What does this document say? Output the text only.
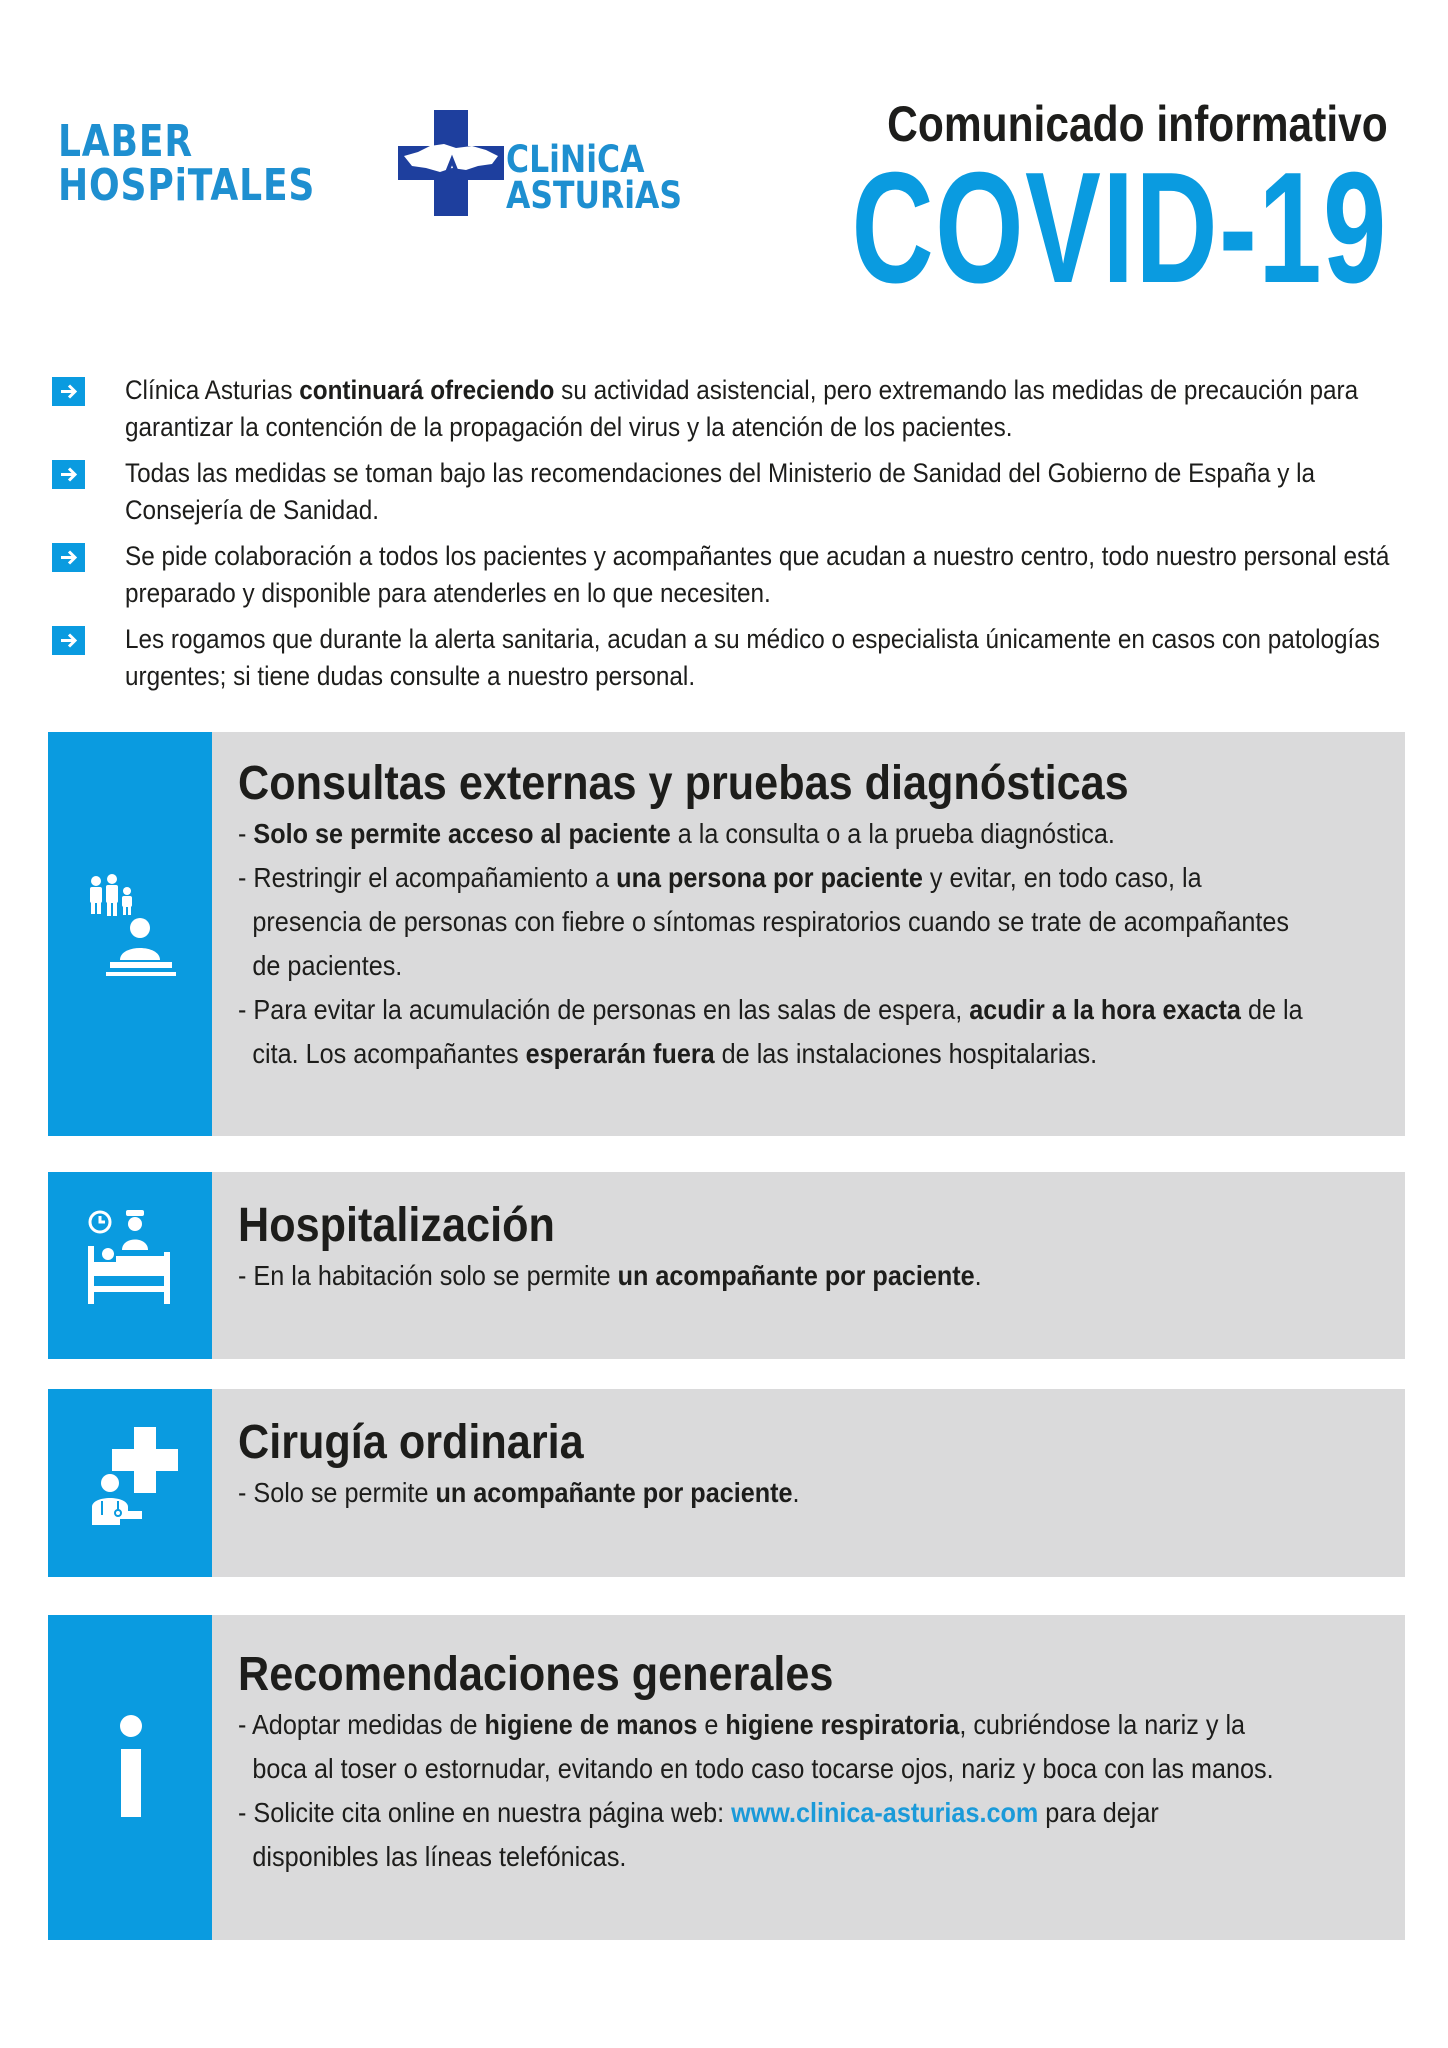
LABER
HOSPiTALES
CLiNiCA
ASTURiAS
Comunicado informativo
COVID-19
Clínica Asturias continuará ofreciendo su actividad asistencial, pero extremando las medidas de precaución para garantizar la contención de la propagación del virus y la atención de los pacientes.
Todas las medidas se toman bajo las recomendaciones del Ministerio de Sanidad del Gobierno de España y la Consejería de Sanidad.
Se pide colaboración a todos los pacientes y acompañantes que acudan a nuestro centro, todo nuestro personal está preparado y disponible para atenderles en lo que necesiten.
Les rogamos que durante la alerta sanitaria, acudan a su médico o especialista únicamente en casos con patologías urgentes; si tiene dudas consulte a nuestro personal.
Consultas externas y pruebas diagnósticas
- Solo se permite acceso al paciente a la consulta o a la prueba diagnóstica.
- Restringir el acompañamiento a una persona por paciente y evitar, en todo caso, la
presencia de personas con fiebre o síntomas respiratorios cuando se trate de acompañantes
de pacientes.
- Para evitar la acumulación de personas en las salas de espera, acudir a la hora exacta de la
cita. Los acompañantes esperarán fuera de las instalaciones hospitalarias.
Hospitalización
- En la habitación solo se permite un acompañante por paciente.
Cirugía ordinaria
- Solo se permite un acompañante por paciente.
Recomendaciones generales
- Adoptar medidas de higiene de manos e higiene respiratoria, cubriéndose la nariz y la
boca al toser o estornudar, evitando en todo caso tocarse ojos, nariz y boca con las manos.
- Solicite cita online en nuestra página web: www.clinica-asturias.com para dejar
disponibles las líneas telefónicas.
